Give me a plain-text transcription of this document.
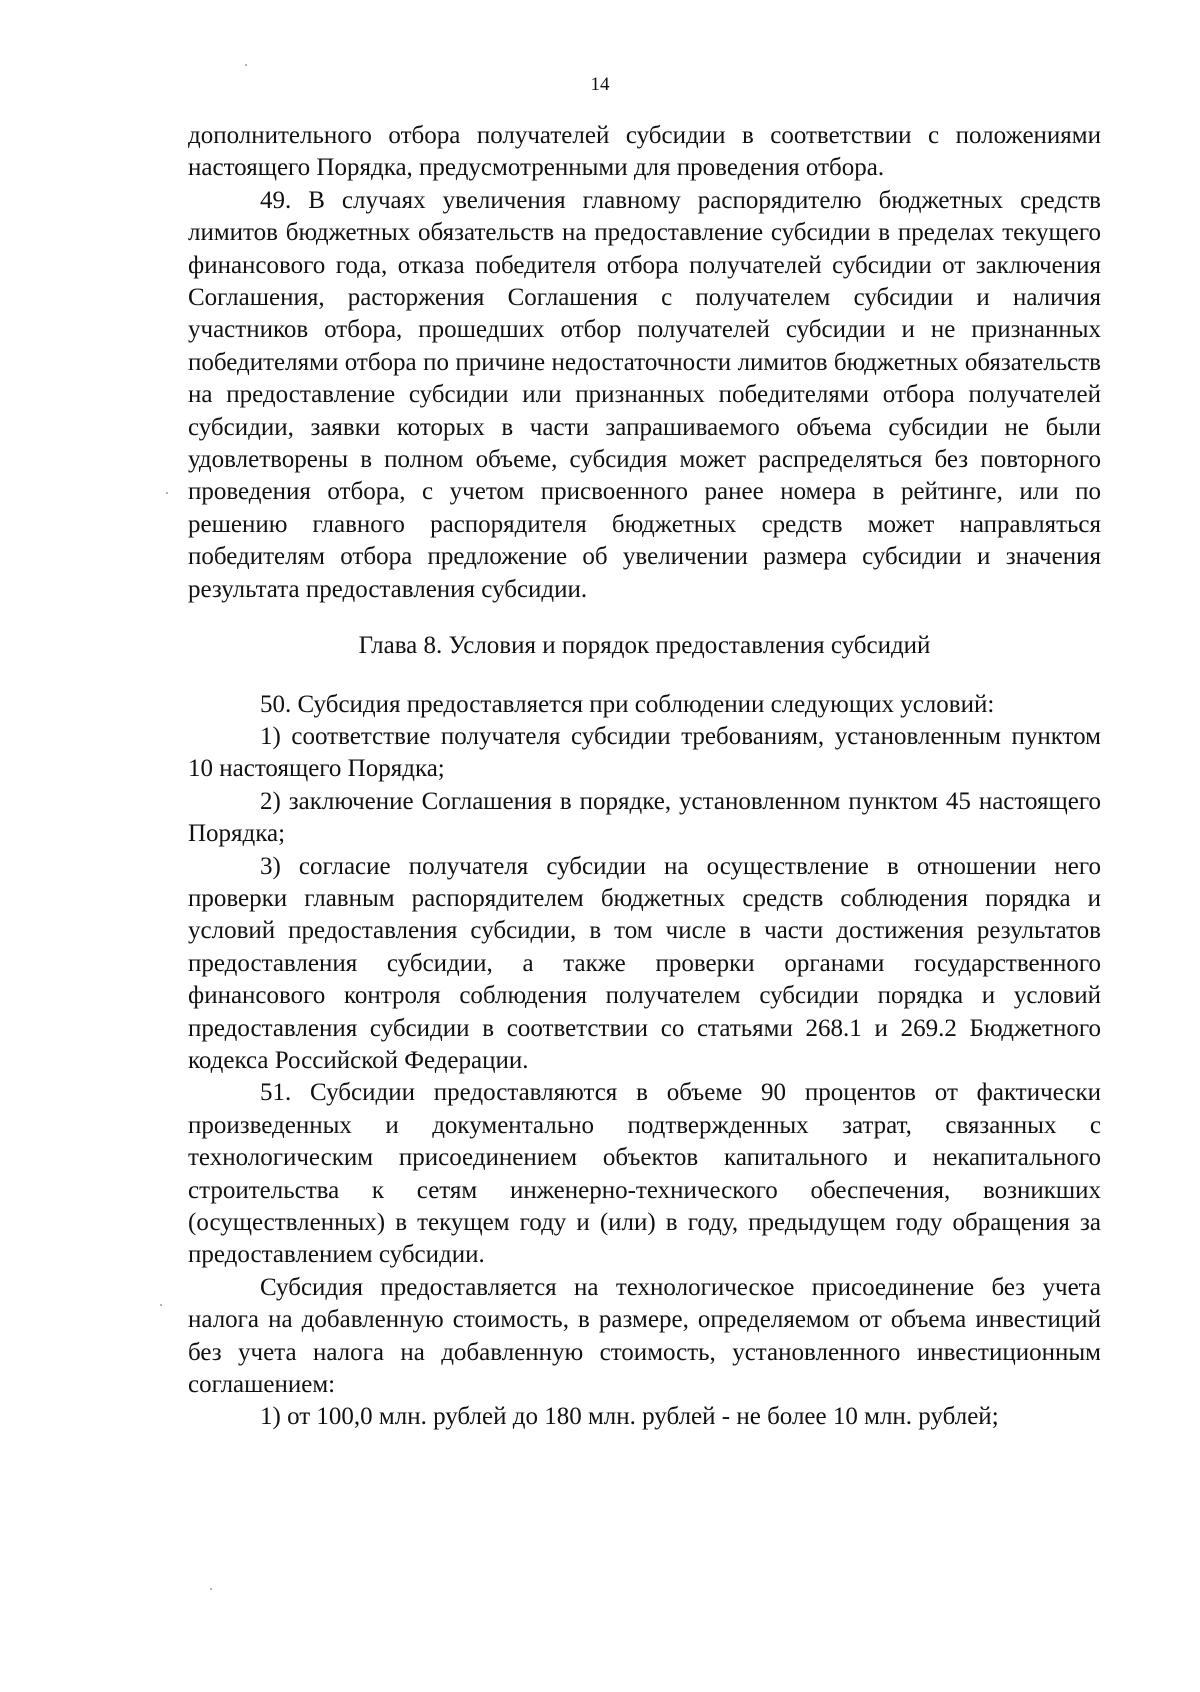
14

дополнительного отбора получателей субсидии в соответствии с положениями настоящего Порядка, предусмотренными для проведения отбора.

49. В случаях увеличения главному распорядителю бюджетных средств лимитов бюджетных обязательств на предоставление субсидии в пределах текущего финансового года, отказа победителя отбора получателей субсидии от заключения Соглашения, расторжения Соглашения с получателем субсидии и наличия участников отбора, прошедших отбор получателей субсидии и не признанных победителями отбора по причине недостаточности лимитов бюджетных обязательств на предоставление субсидии или признанных победителями отбора получателей субсидии, заявки которых в части запрашиваемого объема субсидии не были удовлетворены в полном объеме, субсидия может распределяться без повторного проведения отбора, с учетом присвоенного ранее номера в рейтинге, или по решению главного распорядителя бюджетных средств может направляться победителям отбора предложение об увеличении размера субсидии и значения результата предоставления субсидии.

Глава 8. Условия и порядок предоставления субсидий

50. Субсидия предоставляется при соблюдении следующих условий:

1) соответствие получателя субсидии требованиям, установленным пунктом 10 настоящего Порядка;

2) заключение Соглашения в порядке, установленном пунктом 45 настоящего Порядка;

3) согласие получателя субсидии на осуществление в отношении него проверки главным распорядителем бюджетных средств соблюдения порядка и условий предоставления субсидии, в том числе в части достижения результатов предоставления субсидии, а также проверки органами государственного финансового контроля соблюдения получателем субсидии порядка и условий предоставления субсидии в соответствии со статьями 268.1 и 269.2 Бюджетного кодекса Российской Федерации.

51. Субсидии предоставляются в объеме 90 процентов от фактически произведенных и документально подтвержденных затрат, связанных с технологическим присоединением объектов капитального и некапитального строительства к сетям инженерно-технического обеспечения, возникших (осуществленных) в текущем году и (или) в году, предыдущем году обращения за предоставлением субсидии.

Субсидия предоставляется на технологическое присоединение без учета налога на добавленную стоимость, в размере, определяемом от объема инвестиций без учета налога на добавленную стоимость, установленного инвестиционным соглашением:

1) от 100,0 млн. рублей до 180 млн. рублей - не более 10 млн. рублей;
